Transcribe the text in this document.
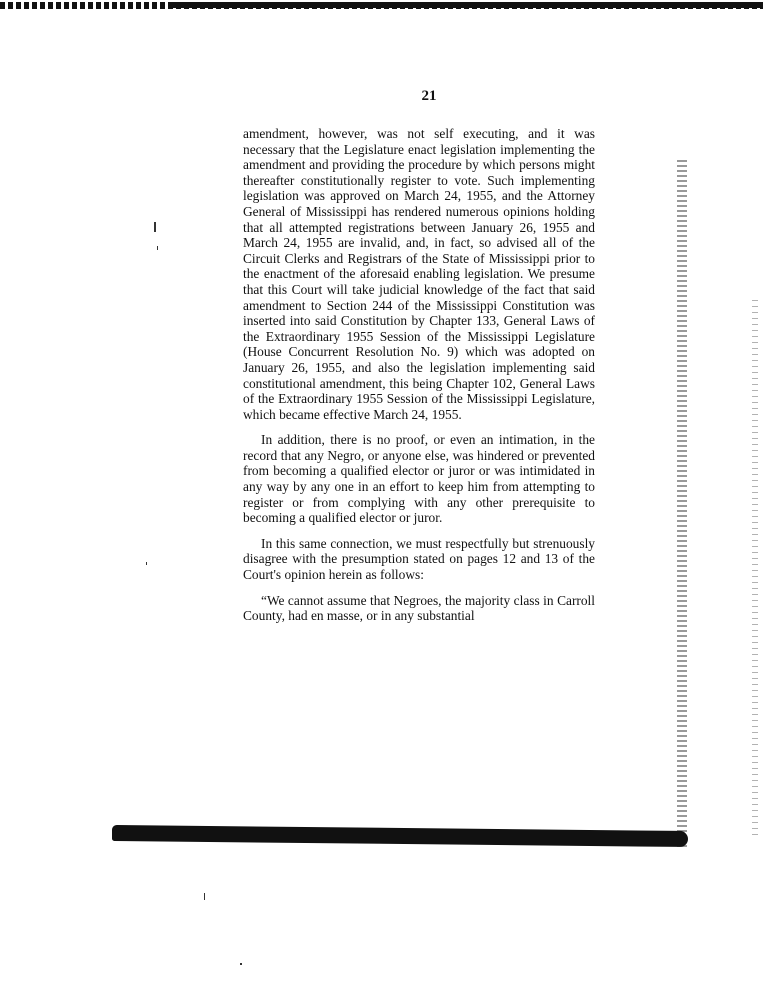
21

amendment, however, was not self executing, and it was necessary that the Legislature enact legislation implementing the amendment and providing the procedure by which persons might thereafter constitutionally register to vote. Such implementing legislation was approved on March 24, 1955, and the Attorney General of Mississippi has rendered numerous opinions holding that all attempted registrations between January 26, 1955 and March 24, 1955 are invalid, and, in fact, so advised all of the Circuit Clerks and Registrars of the State of Mississippi prior to the enactment of the aforesaid enabling legislation. We presume that this Court will take judicial knowledge of the fact that said amendment to Section 244 of the Mississippi Constitution was inserted into said Constitution by Chapter 133, General Laws of the Extraordinary 1955 Session of the Mississippi Legislature (House Concurrent Resolution No. 9) which was adopted on January 26, 1955, and also the legislation implementing said constitutional amendment, this being Chapter 102, General Laws of the Extraordinary 1955 Session of the Mississippi Legislature, which became effective March 24, 1955.

In addition, there is no proof, or even an intimation, in the record that any Negro, or anyone else, was hindered or prevented from becoming a qualified elector or juror or was intimidated in any way by any one in an effort to keep him from attempting to register or from complying with any other prerequisite to becoming a qualified elector or juror.

In this same connection, we must respectfully but strenuously disagree with the presumption stated on pages 12 and 13 of the Court's opinion herein as follows:

“We cannot assume that Negroes, the majority class in Carroll County, had en masse, or in any substantial
